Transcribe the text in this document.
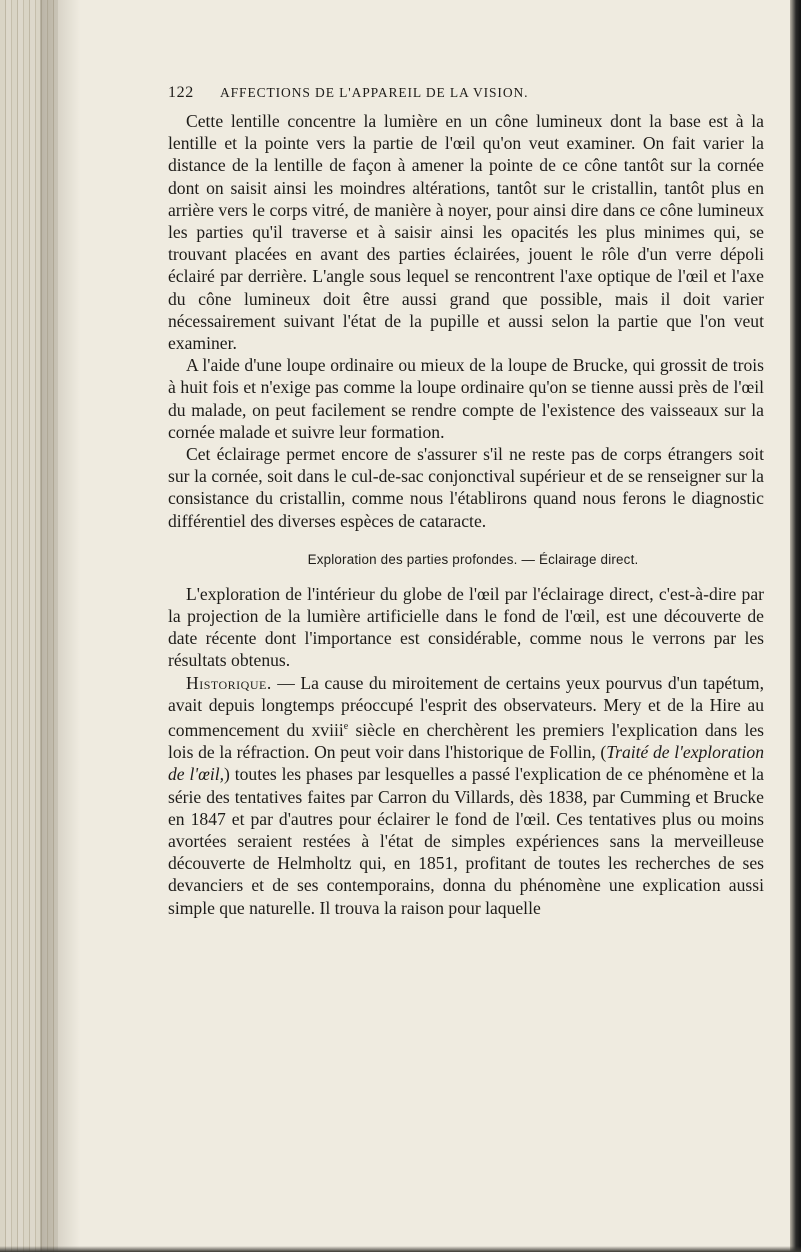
122	AFFECTIONS DE L'APPAREIL DE LA VISION.

Cette lentille concentre la lumière en un cône lumineux dont la base est à la lentille et la pointe vers la partie de l'œil qu'on veut examiner. On fait varier la distance de la lentille de façon à amener la pointe de ce cône tantôt sur la cornée dont on saisit ainsi les moindres altérations, tantôt sur le cristallin, tantôt plus en arrière vers le corps vitré, de manière à noyer, pour ainsi dire dans ce cône lumineux les parties qu'il traverse et à saisir ainsi les opacités les plus minimes qui, se trouvant placées en avant des parties éclairées, jouent le rôle d'un verre dépoli éclairé par derrière. L'angle sous lequel se rencontrent l'axe optique de l'œil et l'axe du cône lumineux doit être aussi grand que possible, mais il doit varier nécessairement suivant l'état de la pupille et aussi selon la partie que l'on veut examiner.

A l'aide d'une loupe ordinaire ou mieux de la loupe de Brucke, qui grossit de trois à huit fois et n'exige pas comme la loupe ordinaire qu'on se tienne aussi près de l'œil du malade, on peut facilement se rendre compte de l'existence des vaisseaux sur la cornée malade et suivre leur formation.

Cet éclairage permet encore de s'assurer s'il ne reste pas de corps étrangers soit sur la cornée, soit dans le cul-de-sac conjonctival supérieur et de se renseigner sur la consistance du cristallin, comme nous l'établirons quand nous ferons le diagnostic différentiel des diverses espèces de cataracte.

Exploration des parties profondes. — Éclairage direct.

L'exploration de l'intérieur du globe de l'œil par l'éclairage direct, c'est-à-dire par la projection de la lumière artificielle dans le fond de l'œil, est une découverte de date récente dont l'importance est considérable, comme nous le verrons par les résultats obtenus.

Historique. — La cause du miroitement de certains yeux pourvus d'un tapétum, avait depuis longtemps préoccupé l'esprit des observateurs. Mery et de la Hire au commencement du xviii$^e$ siècle en cherchèrent les premiers l'explication dans les lois de la réfraction. On peut voir dans l'historique de Follin, (Traité de l'exploration de l'œil,) toutes les phases par lesquelles a passé l'explication de ce phénomène et la série des tentatives faites par Carron du Villards, dès 1838, par Cumming et Brucke en 1847 et par d'autres pour éclairer le fond de l'œil. Ces tentatives plus ou moins avortées seraient restées à l'état de simples expériences sans la merveilleuse découverte de Helmholtz qui, en 1851, profitant de toutes les recherches de ses devanciers et de ses contemporains, donna du phénomène une explication aussi simple que naturelle. Il trouva la raison pour laquelle
